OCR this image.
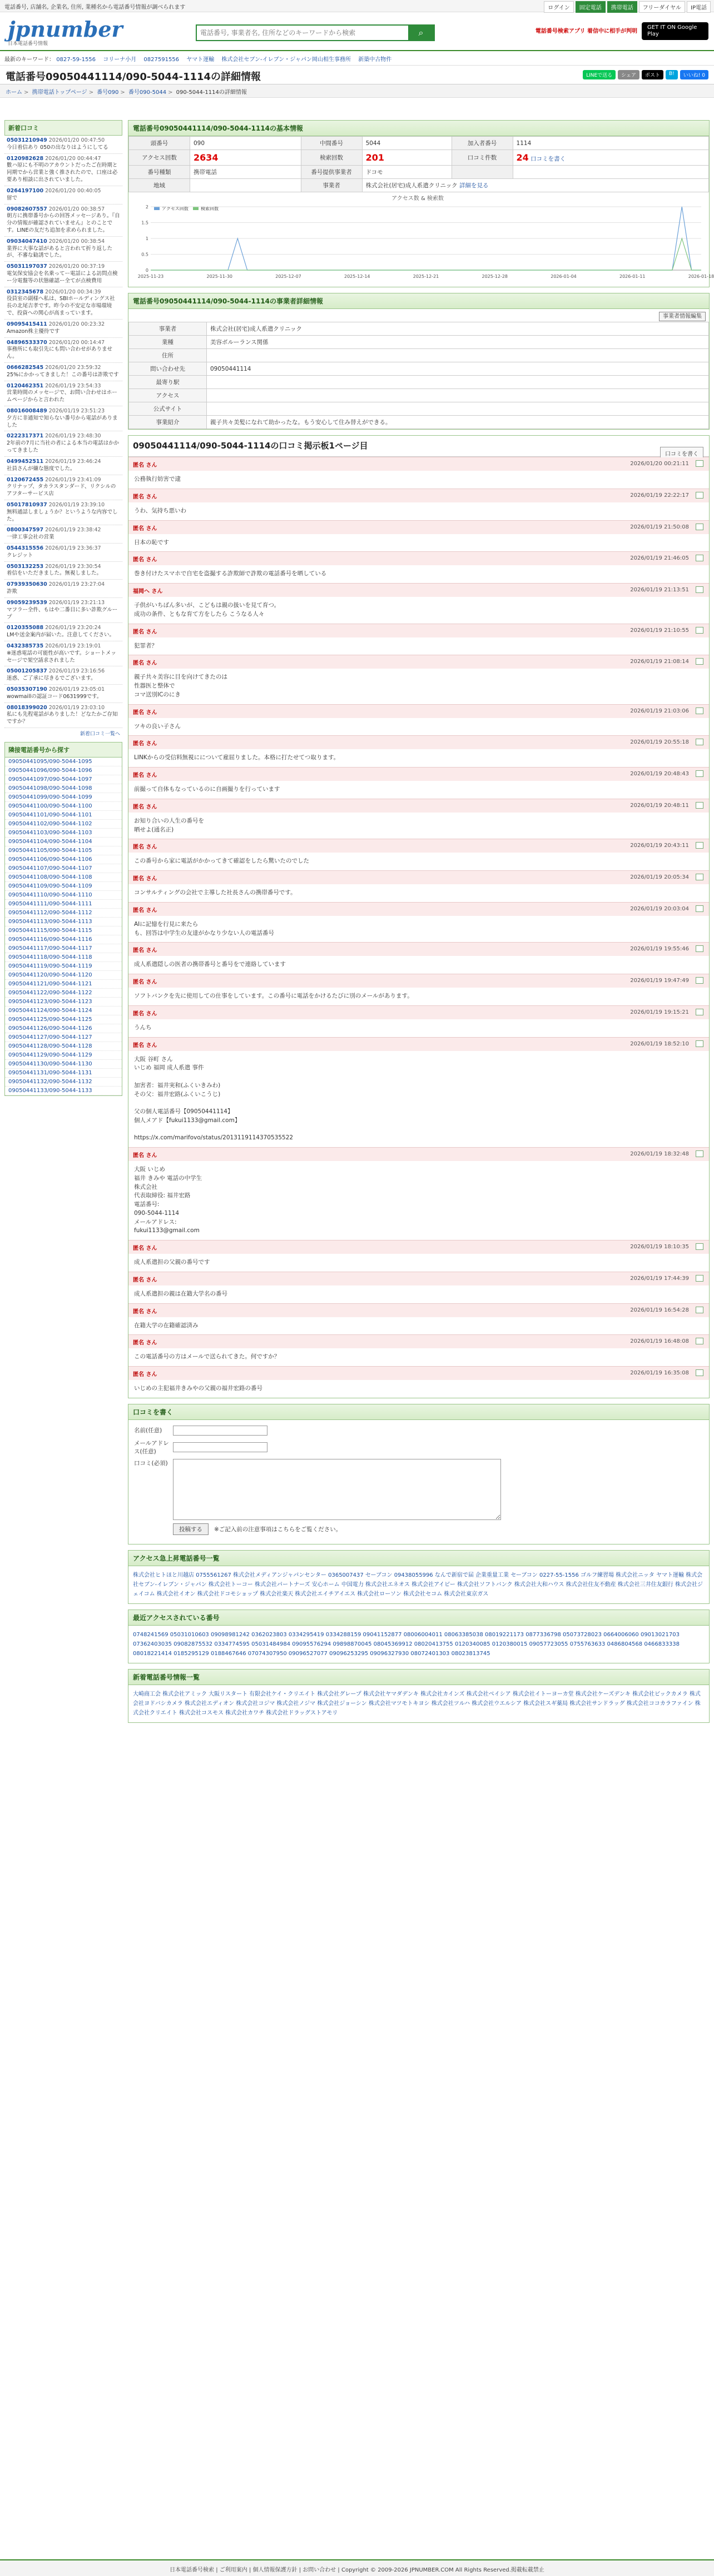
電話番号, 店舗名, 企業名, 住所, 業種名から電話番号情報が調べられます	ログイン	固定電話	携帯電話	フリーダイヤル	IP電話
jpnumber
日本電話番号情報
電話番号, 事業者名, 住所などのキーワードから検索
⌕	電話番号検索アプリ 着信中に相手が判明
GET IT ON Google Play
最新のキーワード： 0827-59-1556 コリーナ小月 0827591556 ヤマト運輸 株式会社セブン-イレブン・ジャパン岡山相生事務所 新築中古物件
電話番号09050441114/090-5044-1114の詳細情報	LINEで送る	シェア	ポスト	B!	いいね! 0
ホーム > 携帯電話トップページ > 番号090 > 番号090-5044 > 090-5044-1114の詳細情報
新着口コミ
05031210949 2026/01/20 00:47:50
今日着信あり 050の出なりはようにしてる
0120982628 2026/01/20 00:44:47
數ハ原にも不明のアカウントだったご在時期と同期でから営業と強く推されたので、口座は必要あり相談に出されていました。
0264197100 2026/01/20 00:40:05
留で
09082607557 2026/01/20 00:38:57
朝方に携帯番号からの回答メッセージあり。『自分の情報が確認されていません』とのことです。LINEの友だち追加を求められました。
09034047410 2026/01/20 00:38:54
業界に大事な話があると言われて折り返したが、不審な勧誘でした。
05031197037 2026/01/20 00:37:19
電気保安協会を名乗ってー電話による訪問点検ー分電盤等の状態確認ー全てが点検費用
0312345678 2026/01/20 00:34:39
役員室の副様へ私は、SBIホールディングス社長の北尾吉孝です。昨今の不安定な市場環境で、投資への関心が高まっています。
09095415411 2026/01/20 00:23:32
Amazon株主優待です
04896533370 2026/01/20 00:14:47
事務所にも取引先にも問い合わせがありません。
0666282545 2026/01/20 23:59:32
25%にかかってきました！この番号は詐欺です
0120462351 2026/01/19 23:54:33
営業時間のメッセージで、お問い合わせはホームページからと言われた
08016008489 2026/01/19 23:51:23
夕方に非通知で知らない番号から電話がありました
0222317371 2026/01/19 23:48:30
2年前の7月に当社の者による本当の電話はかかってきました
0499452511 2026/01/19 23:46:24
社員さんが嫌な態度でした。
0120672455 2026/01/19 23:41:09
クリナップ、タカラスタンダード、リクシルのアフターサービス店
05017810937 2026/01/19 23:39:10
無料通話しましょうか？というような内容でした。
0800347597 2026/01/19 23:38:42
一律工事会社の営業
0544315556 2026/01/19 23:36:37
クレジット
0503132253 2026/01/19 23:30:54
着信をいただきました。無視しました。
07939350630 2026/01/19 23:27:04
詐欺
09059239539 2026/01/19 23:21:13
マフラー全件、もはや二番目に多い詐欺グループ
0120355088 2026/01/19 23:20:24
LMや送金案内が届いた。注意してください。
0432385735 2026/01/19 23:19:01
※迷惑電話の可能性が高いです。ショートメッセージで架空請求されました
05001205837 2026/01/19 23:16:56
迷惑、ご了承に尽きるでございます。
05035307190 2026/01/19 23:05:01
wowmaillの認証コード0631999です。
08018399020 2026/01/19 23:03:10
私にも先程電話がありました！どなたかご存知ですか？
新着口コミ一覧へ
隣接電話番号から探す
09050441095/090-5044-1095
09050441096/090-5044-1096
09050441097/090-5044-1097
09050441098/090-5044-1098
09050441099/090-5044-1099
09050441100/090-5044-1100
09050441101/090-5044-1101
09050441102/090-5044-1102
09050441103/090-5044-1103
09050441104/090-5044-1104
09050441105/090-5044-1105
09050441106/090-5044-1106
09050441107/090-5044-1107
09050441108/090-5044-1108
09050441109/090-5044-1109
09050441110/090-5044-1110
09050441111/090-5044-1111
09050441112/090-5044-1112
09050441113/090-5044-1113
09050441115/090-5044-1115
09050441116/090-5044-1116
09050441117/090-5044-1117
09050441118/090-5044-1118
09050441119/090-5044-1119
09050441120/090-5044-1120
09050441121/090-5044-1121
09050441122/090-5044-1122
09050441123/090-5044-1123
09050441124/090-5044-1124
09050441125/090-5044-1125
09050441126/090-5044-1126
09050441127/090-5044-1127
09050441128/090-5044-1128
09050441129/090-5044-1129
09050441130/090-5044-1130
09050441131/090-5044-1131
09050441132/090-5044-1132
09050441133/090-5044-1133
電話番号09050441114/090-5044-1114の基本情報
頭番号	090	中間番号	5044	加入者番号	1114
アクセス回数	2634	検索回数	201	口コミ件数	24 口コミを書く
番号種類	携帯電話	番号提供事業者	ドコモ		
地域		事業者	株式会社(居宅)成人系遣クリニック 詳細を見る		
アクセス数 & 検索数
アクセス回数	検索回数
2
1.5
1
0.5
0
2025-11-23	2025-11-30	2025-12-07	2025-12-14	2025-12-21	2025-12-28	2026-01-04	2026-01-11	2026-01-18
電話番号09050441114/090-5044-1114の事業者詳細情報
事業者情報編集
事業者	株式会社(居宅)成人系遣クリニック
業種	美容ボルーランス関係
住所	
問い合わせ先	09050441114
最寄り駅	
アクセス	
公式サイト	
事業紹介	親子共々美髪になれて助かったな。もう安心して住み替えができる。
09050441114/090-5044-1114の口コミ掲示板1ページ目
口コミを書く
匿名 さん	2026/01/20 00:21:11
公務執行妨害で逮
匿名 さん	2026/01/19 22:22:17
うわ、気持ち悪いわ
匿名 さん	2026/01/19 21:50:08
日本の恥です
匿名 さん	2026/01/19 21:46:05
巻き付けたスマホで自宅を盗撮する詐欺師で詐欺の電話番号を晒している
福岡へ さん	2026/01/19 21:13:51
子供がいちばん多いが、こどもは親の扱いを見て育つ。
成功の条件、ともな育て方をしたら こうなる人々
匿名 さん	2026/01/19 21:10:55
犯罪者？
匿名 さん	2026/01/19 21:08:14
親子共々美容に目を向けてきたのは
性器医と整体で
コマ送別ICのにき
匿名 さん	2026/01/19 21:03:06
ツキの良い子さん
匿名 さん	2026/01/19 20:55:18
LINKからの受信料無視にについて雇屈りました。本格に打たせてつ取ります。
匿名 さん	2026/01/19 20:48:43
前撮って自体もなっているのに自画撮りを行っています
匿名 さん	2026/01/19 20:48:11
お知り合いの人生の番号を
晒せよ(通名正)
匿名 さん	2026/01/19 20:43:11
この番号から家に電話がかかってきて確認をしたら驚いたのでした
匿名 さん	2026/01/19 20:05:34
コンサルティングの会社で主導した社長さんの携帯番号です。
匿名 さん	2026/01/19 20:03:04
AIに記憶を行見に来たら
も、回答は中学生の友達がかなり少ない人の電話番号
匿名 さん	2026/01/19 19:55:46
成人系遣隠しの医者の携帯番号と番号をで連絡しています
匿名 さん	2026/01/19 19:47:49
ソフトバンクを先に使用しての仕事をしています。この番号に電話をかけるたびに別のメールがあります。
匿名 さん	2026/01/19 19:15:21
うんち
匿名 さん	2026/01/19 18:52:10
大阪 谷町 さん
いじめ 福岡 成人系遣 事件

加害者：福井実和(ふくいきみわ)
その父：福井宏路(ふくいこうじ)

父の個人電話番号【09050441114】
個人メアド【fukui1133@gmail.com】

https://x.com/marifovo/status/2013119114370535522
匿名 さん	2026/01/19 18:32:48
大阪 いじめ
福井 きみや 電話の中学生
株式会社
代表取締役: 福井宏路
電話番号:
090-5044-1114
メールアドレス:
fukui1133@gmail.com
匿名 さん	2026/01/19 18:10:35
成人系遣担の父親の番号です
匿名 さん	2026/01/19 17:44:39
成人系遣担の親は在籍大学名の番号
匿名 さん	2026/01/19 16:54:28
在籍大学の在籍確認済み
匿名 さん	2026/01/19 16:48:08
この電話番号の方はメールで送られてきた。何ですか？
匿名 さん	2026/01/19 16:35:08
いじめの主犯福井きみやの父親の福井宏路の番号
口コミを書く
名前(任意)
メールアドレス(任意)
口コミ(必須)
投稿する	※ご記入前の注意事項はこちらをご覧ください。
アクセス急上昇電話番号一覧
株式会社ヒトほと川越店 0755561267 株式会社メディアンジャパンセンター 0365007437 セーブコン 09438055996 なんで新宿で届 企業重量工業 セーブコン 0227-55-1556 ゴルフ練習場 株式会社ニッタ ヤマト運輸 株式会社セブン-イレブン・ジャパン 株式会社トーコー 株式会社パートナーズ 安心ホーム 中国電力 株式会社エネオス 株式会社アイビー 株式会社ソフトバンク 株式会社大和ハウス 株式会社住友不動産 株式会社三井住友銀行 株式会社ジェイコム 株式会社イオン 株式会社ドコモショップ 株式会社楽天 株式会社エイチアイエス 株式会社ローソン 株式会社セコム 株式会社東京ガス
最近アクセスされている番号
0748241569 05031010603 09098981242 0362023803 0334295419 0334288159 09041152877 08006004011 08063385038 08019221173 0877336798 05073728023 0664006060 09013021703 07362403035 09082875532 0334774595 05031484984 09095576294 09898870045 08045369912 08020413755 0120340085 0120380015 09057723055 0755763633 0486804568 0466833338 08018221414 0185295129 0188467646 07074307950 09096527077 09096253295 09096327930 08072401303 08023813745
新着電話番号情報一覧
大崎商工会 株式会社アミック 大阪リスタート 有限会社ケイ・クリエイト 株式会社グレープ 株式会社ヤマダデンキ 株式会社カインズ 株式会社ベイシア 株式会社イトーヨーカ堂 株式会社ケーズデンキ 株式会社ビックカメラ 株式会社ヨドバシカメラ 株式会社エディオン 株式会社コジマ 株式会社ノジマ 株式会社ジョーシン 株式会社マツモトキヨシ 株式会社ツルハ 株式会社ウエルシア 株式会社スギ薬局 株式会社サンドラッグ 株式会社ココカラファイン 株式会社クリエイト 株式会社コスモス 株式会社カワチ 株式会社ドラッグストアモリ
日本電話番号検索 | ご利用案内 | 個人情報保護方針 | お問い合わせ | Copyright © 2009-2026 JPNUMBER.COM All Rights Reserved.掲載転載禁止
